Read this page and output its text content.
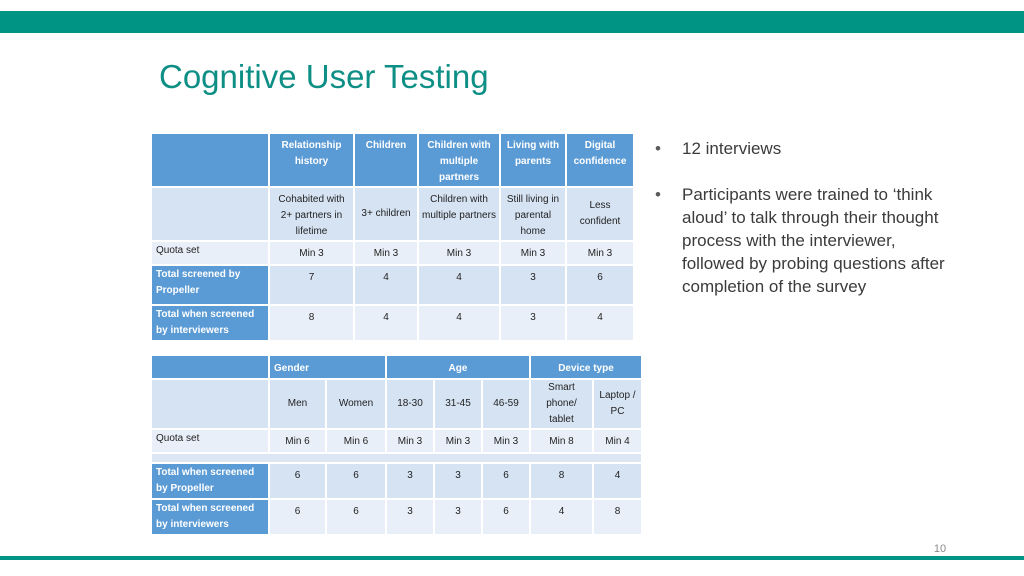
Cognitive User Testing
	Relationship history	Children	Children with multiple partners	Living with parents	Digital confidence
	Cohabited with 2+ partners in lifetime	3+ children	Children with multiple partners	Still living in parental home	Less confident
Quota set	Min 3	Min 3	Min 3	Min 3	Min 3
Total screened by Propeller	7	4	4	3	6
Total when screened by interviewers	8	4	4	3	4
	Gender		Age			Device type	
	Men	Women	18-30	31-45	46-59	Smart phone/ tablet	Laptop / PC
Quota set	Min 6	Min 6	Min 3	Min 3	Min 3	Min 8	Min 4

Total when screened by Propeller	6	6	3	3	6	8	4
Total when screened by interviewers	6	6	3	3	6	4	8
• 12 interviews
• Participants were trained to ‘think aloud’ to talk through their thought process with the interviewer, followed by probing questions after completion of the survey
10
